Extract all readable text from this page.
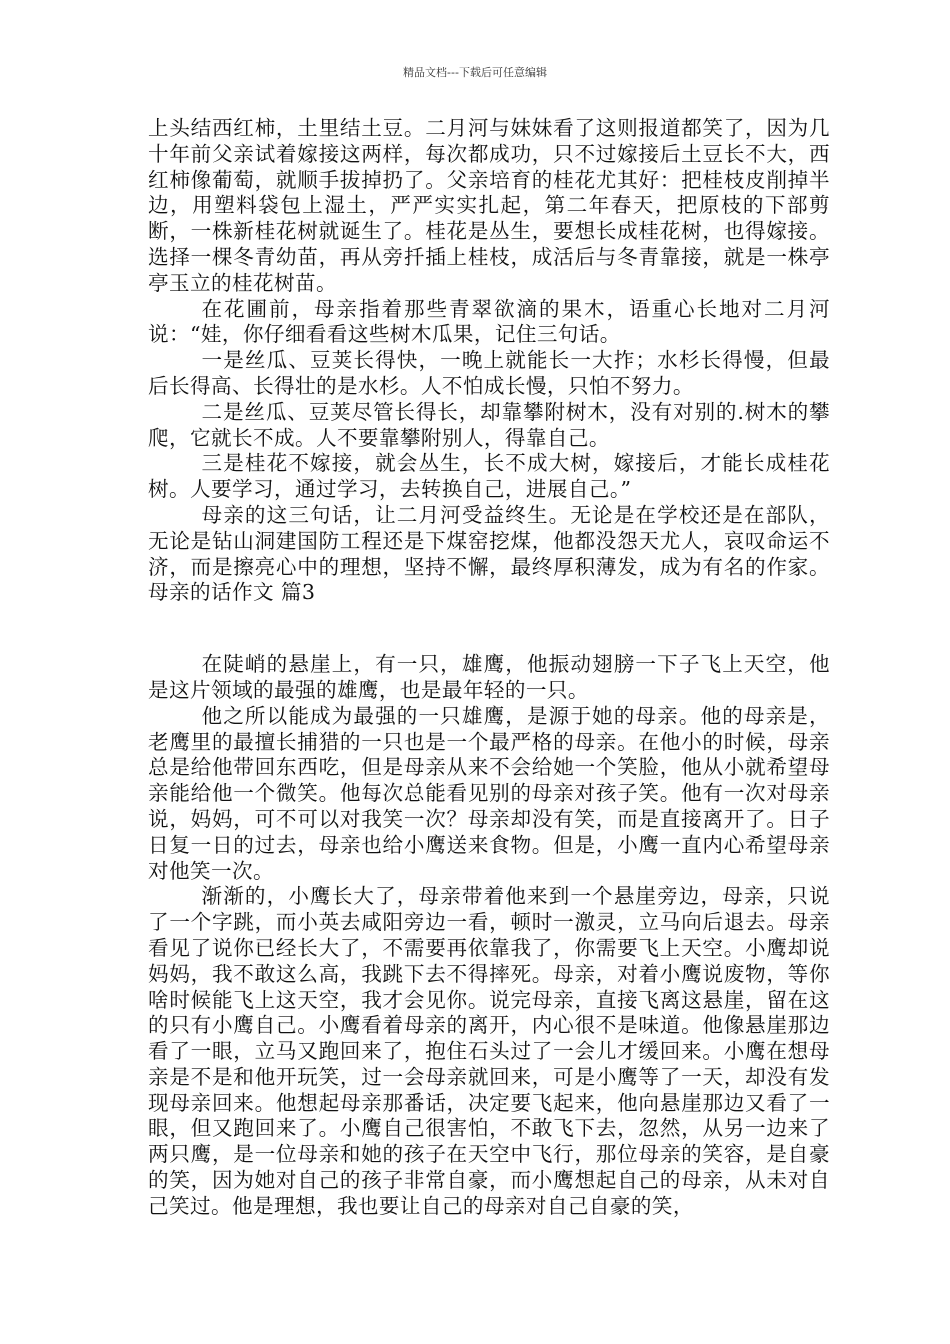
精品文档---下载后可任意编辑

上头结西红柿，土里结土豆。二月河与妹妹看了这则报道都笑了，因为几十年前父亲试着嫁接这两样，每次都成功，只不过嫁接后土豆长不大，西红柿像葡萄，就顺手拔掉扔了。父亲培育的桂花尤其好：把桂枝皮削掉半边，用塑料袋包上湿土，严严实实扎起，第二年春天，把原枝的下部剪断，一株新桂花树就诞生了。桂花是丛生，要想长成桂花树，也得嫁接。选择一棵冬青幼苗，再从旁扦插上桂枝，成活后与冬青靠接，就是一株亭亭玉立的桂花树苗。

在花圃前，母亲指着那些青翠欲滴的果木，语重心长地对二月河说：“娃，你仔细看看这些树木瓜果，记住三句话。

一是丝瓜、豆荚长得快，一晚上就能长一大拃；水杉长得慢，但最后长得高、长得壮的是水杉。人不怕成长慢，只怕不努力。

二是丝瓜、豆荚尽管长得长，却靠攀附树木，没有对别的.树木的攀爬，它就长不成。人不要靠攀附别人，得靠自己。

三是桂花不嫁接，就会丛生，长不成大树，嫁接后，才能长成桂花树。人要学习，通过学习，去转换自己，进展自己。”

母亲的这三句话，让二月河受益终生。无论是在学校还是在部队，无论是钻山洞建国防工程还是下煤窑挖煤，他都没怨天尤人，哀叹命运不济，而是擦亮心中的理想，坚持不懈，最终厚积薄发，成为有名的作家。母亲的话作文 篇3

在陡峭的悬崖上，有一只，雄鹰，他振动翅膀一下子飞上天空，他是这片领域的最强的雄鹰，也是最年轻的一只。

他之所以能成为最强的一只雄鹰，是源于她的母亲。他的母亲是，老鹰里的最擅长捕猎的一只也是一个最严格的母亲。在他小的时候，母亲总是给他带回东西吃，但是母亲从来不会给她一个笑脸，他从小就希望母亲能给他一个微笑。他每次总能看见别的母亲对孩子笑。他有一次对母亲说，妈妈，可不可以对我笑一次？母亲却没有笑，而是直接离开了。日子日复一日的过去，母亲也给小鹰送来食物。但是，小鹰一直内心希望母亲对他笑一次。

渐渐的，小鹰长大了，母亲带着他来到一个悬崖旁边，母亲，只说了一个字跳，而小英去咸阳旁边一看，顿时一激灵，立马向后退去。母亲看见了说你已经长大了，不需要再依靠我了，你需要飞上天空。小鹰却说妈妈，我不敢这么高，我跳下去不得摔死。母亲，对着小鹰说废物，等你啥时候能飞上这天空，我才会见你。说完母亲，直接飞离这悬崖，留在这的只有小鹰自己。小鹰看着母亲的离开，内心很不是味道。他像悬崖那边看了一眼，立马又跑回来了，抱住石头过了一会儿才缓回来。小鹰在想母亲是不是和他开玩笑，过一会母亲就回来，可是小鹰等了一天，却没有发现母亲回来。他想起母亲那番话，决定要飞起来，他向悬崖那边又看了一眼，但又跑回来了。小鹰自己很害怕，不敢飞下去，忽然，从另一边来了两只鹰，是一位母亲和她的孩子在天空中飞行，那位母亲的笑容，是自豪的笑，因为她对自己的孩子非常自豪，而小鹰想起自己的母亲，从未对自己笑过。他是理想，我也要让自己的母亲对自己自豪的笑，
